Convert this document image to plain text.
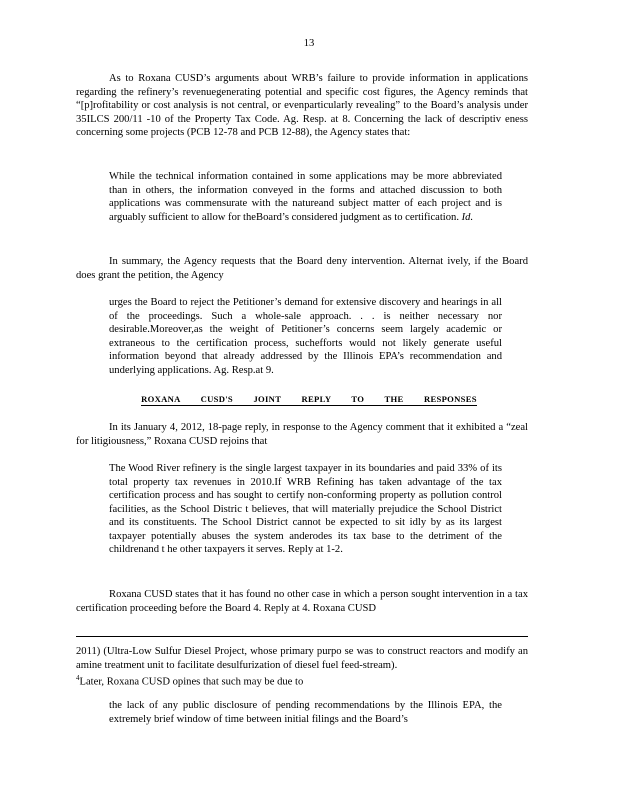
13

As to Roxana CUSD’s arguments about WRB’s failure to provide information in applications regarding the refinery’s revenuegenerating potential and specific cost figures, the Agency reminds that “[p]rofitability or cost analysis is not central, or evenparticularly revealing” to the Board’s analysis under 35ILCS 200/11 -10 of the Property Tax Code. Ag. Resp. at 8. Concerning the lack of descriptiv eness concerning some projects (PCB 12-78 and PCB 12-88), the Agency states that:

While the technical information contained in some applications may be more abbreviated than in others, the information conveyed in the forms and attached discussion to both applications was commensurate with the natureand subject matter of each project and is arguably sufficient to allow for theBoard’s considered judgment as to certification. Id.

In summary, the Agency requests that the Board deny intervention. Alternat ively, if the Board does grant the petition, the Agency

urges the Board to reject the Petitioner’s demand for extensive discovery and hearings in all of the proceedings. Such a whole-sale approach. . . is neither necessary nor desirable.Moreover,as the weight of Petitioner’s concerns seem largely academic or extraneous to the certification process, suchefforts would not likely generate useful information beyond that already addressed by the Illinois EPA’s recommendation and underlying applications. Ag. Resp.at 9.

ROXANA CUSD'S JOINT REPLY TO THE RESPONSES

In its January 4, 2012, 18-page reply, in response to the Agency comment that it exhibited a “zeal for litigiousness,” Roxana CUSD rejoins that

The Wood River refinery is the single largest taxpayer in its boundaries and paid 33% of its total property tax revenues in 2010.If WRB Refining has taken advantage of the tax certification process and has sought to certify non-conforming property as pollution control facilities, as the School Distric t believes, that will materially prejudice the School District and its constituents. The School District cannot be expected to sit idly by as its largest taxpayer potentially abuses the system anderodes its tax base to the detriment of the childrenand t he other taxpayers it serves. Reply at 1-2.

Roxana CUSD states that it has found no other case in which a person sought intervention in a tax certification proceeding before the Board 4. Reply at 4. Roxana CUSD

2011) (Ultra-Low Sulfur Diesel Project, whose primary purpo se was to construct reactors and modify an amine treatment unit to facilitate desulfurization of diesel fuel feed-stream).

$^4$Later, Roxana CUSD opines that such may be due to

the lack of any public disclosure of pending recommendations by the Illinois EPA, the extremely brief window of time between initial filings and the Board’s
